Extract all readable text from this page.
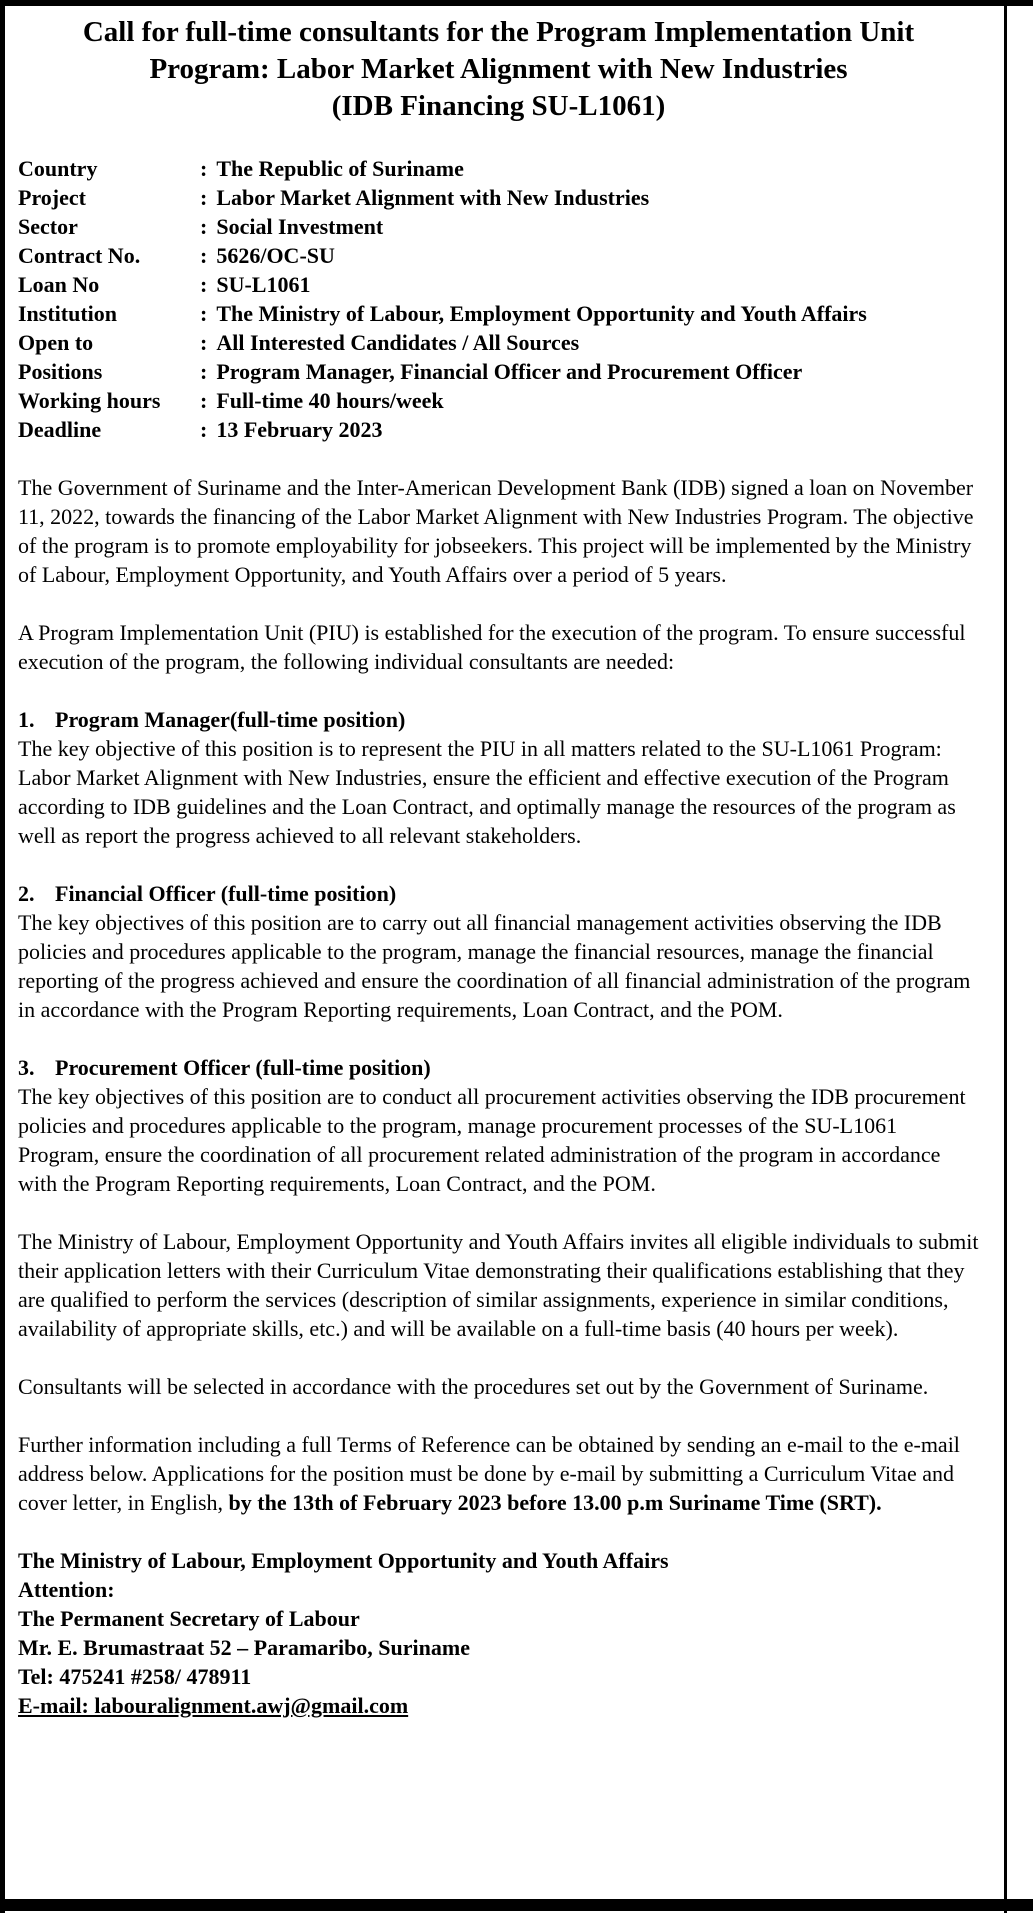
Call for full-time consultants for the Program Implementation Unit
Program: Labor Market Alignment with New Industries
(IDB Financing SU-L1061)
Country	: The Republic of Suriname
Project	: Labor Market Alignment with New Industries
Sector	: Social Investment
Contract No.	: 5626/OC-SU
Loan No	: SU-L1061
Institution	: The Ministry of Labour, Employment Opportunity and Youth Affairs
Open to	: All Interested Candidates / All Sources
Positions	: Program Manager, Financial Officer and Procurement Officer
Working hours	: Full-time 40 hours/week
Deadline	: 13 February 2023
The Government of Suriname and the Inter-American Development Bank (IDB) signed a loan on November 11, 2022, towards the financing of the Labor Market Alignment with New Industries Program. The objective of the program is to promote employability for jobseekers. This project will be implemented by the Ministry of Labour, Employment Opportunity, and Youth Affairs over a period of 5 years.
A Program Implementation Unit (PIU) is established for the execution of the program. To ensure successful execution of the program, the following individual consultants are needed:
1. Program Manager(full-time position)
The key objective of this position is to represent the PIU in all matters related to the SU-L1061 Program: Labor Market Alignment with New Industries, ensure the efficient and effective execution of the Program according to IDB guidelines and the Loan Contract, and optimally manage the resources of the program as well as report the progress achieved to all relevant stakeholders.
2. Financial Officer (full-time position)
The key objectives of this position are to carry out all financial management activities observing the IDB policies and procedures applicable to the program, manage the financial resources, manage the financial reporting of the progress achieved and ensure the coordination of all financial administration of the program in accordance with the Program Reporting requirements, Loan Contract, and the POM.
3. Procurement Officer (full-time position)
The key objectives of this position are to conduct all procurement activities observing the IDB procurement policies and procedures applicable to the program, manage procurement processes of the SU-L1061 Program, ensure the coordination of all procurement related administration of the program in accordance with the Program Reporting requirements, Loan Contract, and the POM.
The Ministry of Labour, Employment Opportunity and Youth Affairs invites all eligible individuals to submit their application letters with their Curriculum Vitae demonstrating their qualifications establishing that they are qualified to perform the services (description of similar assignments, experience in similar conditions, availability of appropriate skills, etc.) and will be available on a full-time basis (40 hours per week).
Consultants will be selected in accordance with the procedures set out by the Government of Suriname.
Further information including a full Terms of Reference can be obtained by sending an e-mail to the e-mail address below. Applications for the position must be done by e-mail by submitting a Curriculum Vitae and cover letter, in English, by the 13th of February 2023 before 13.00 p.m Suriname Time (SRT).
The Ministry of Labour, Employment Opportunity and Youth Affairs
Attention:
The Permanent Secretary of Labour
Mr. E. Brumastraat 52 – Paramaribo, Suriname
Tel: 475241 #258/ 478911
E-mail: labouralignment.awj@gmail.com
